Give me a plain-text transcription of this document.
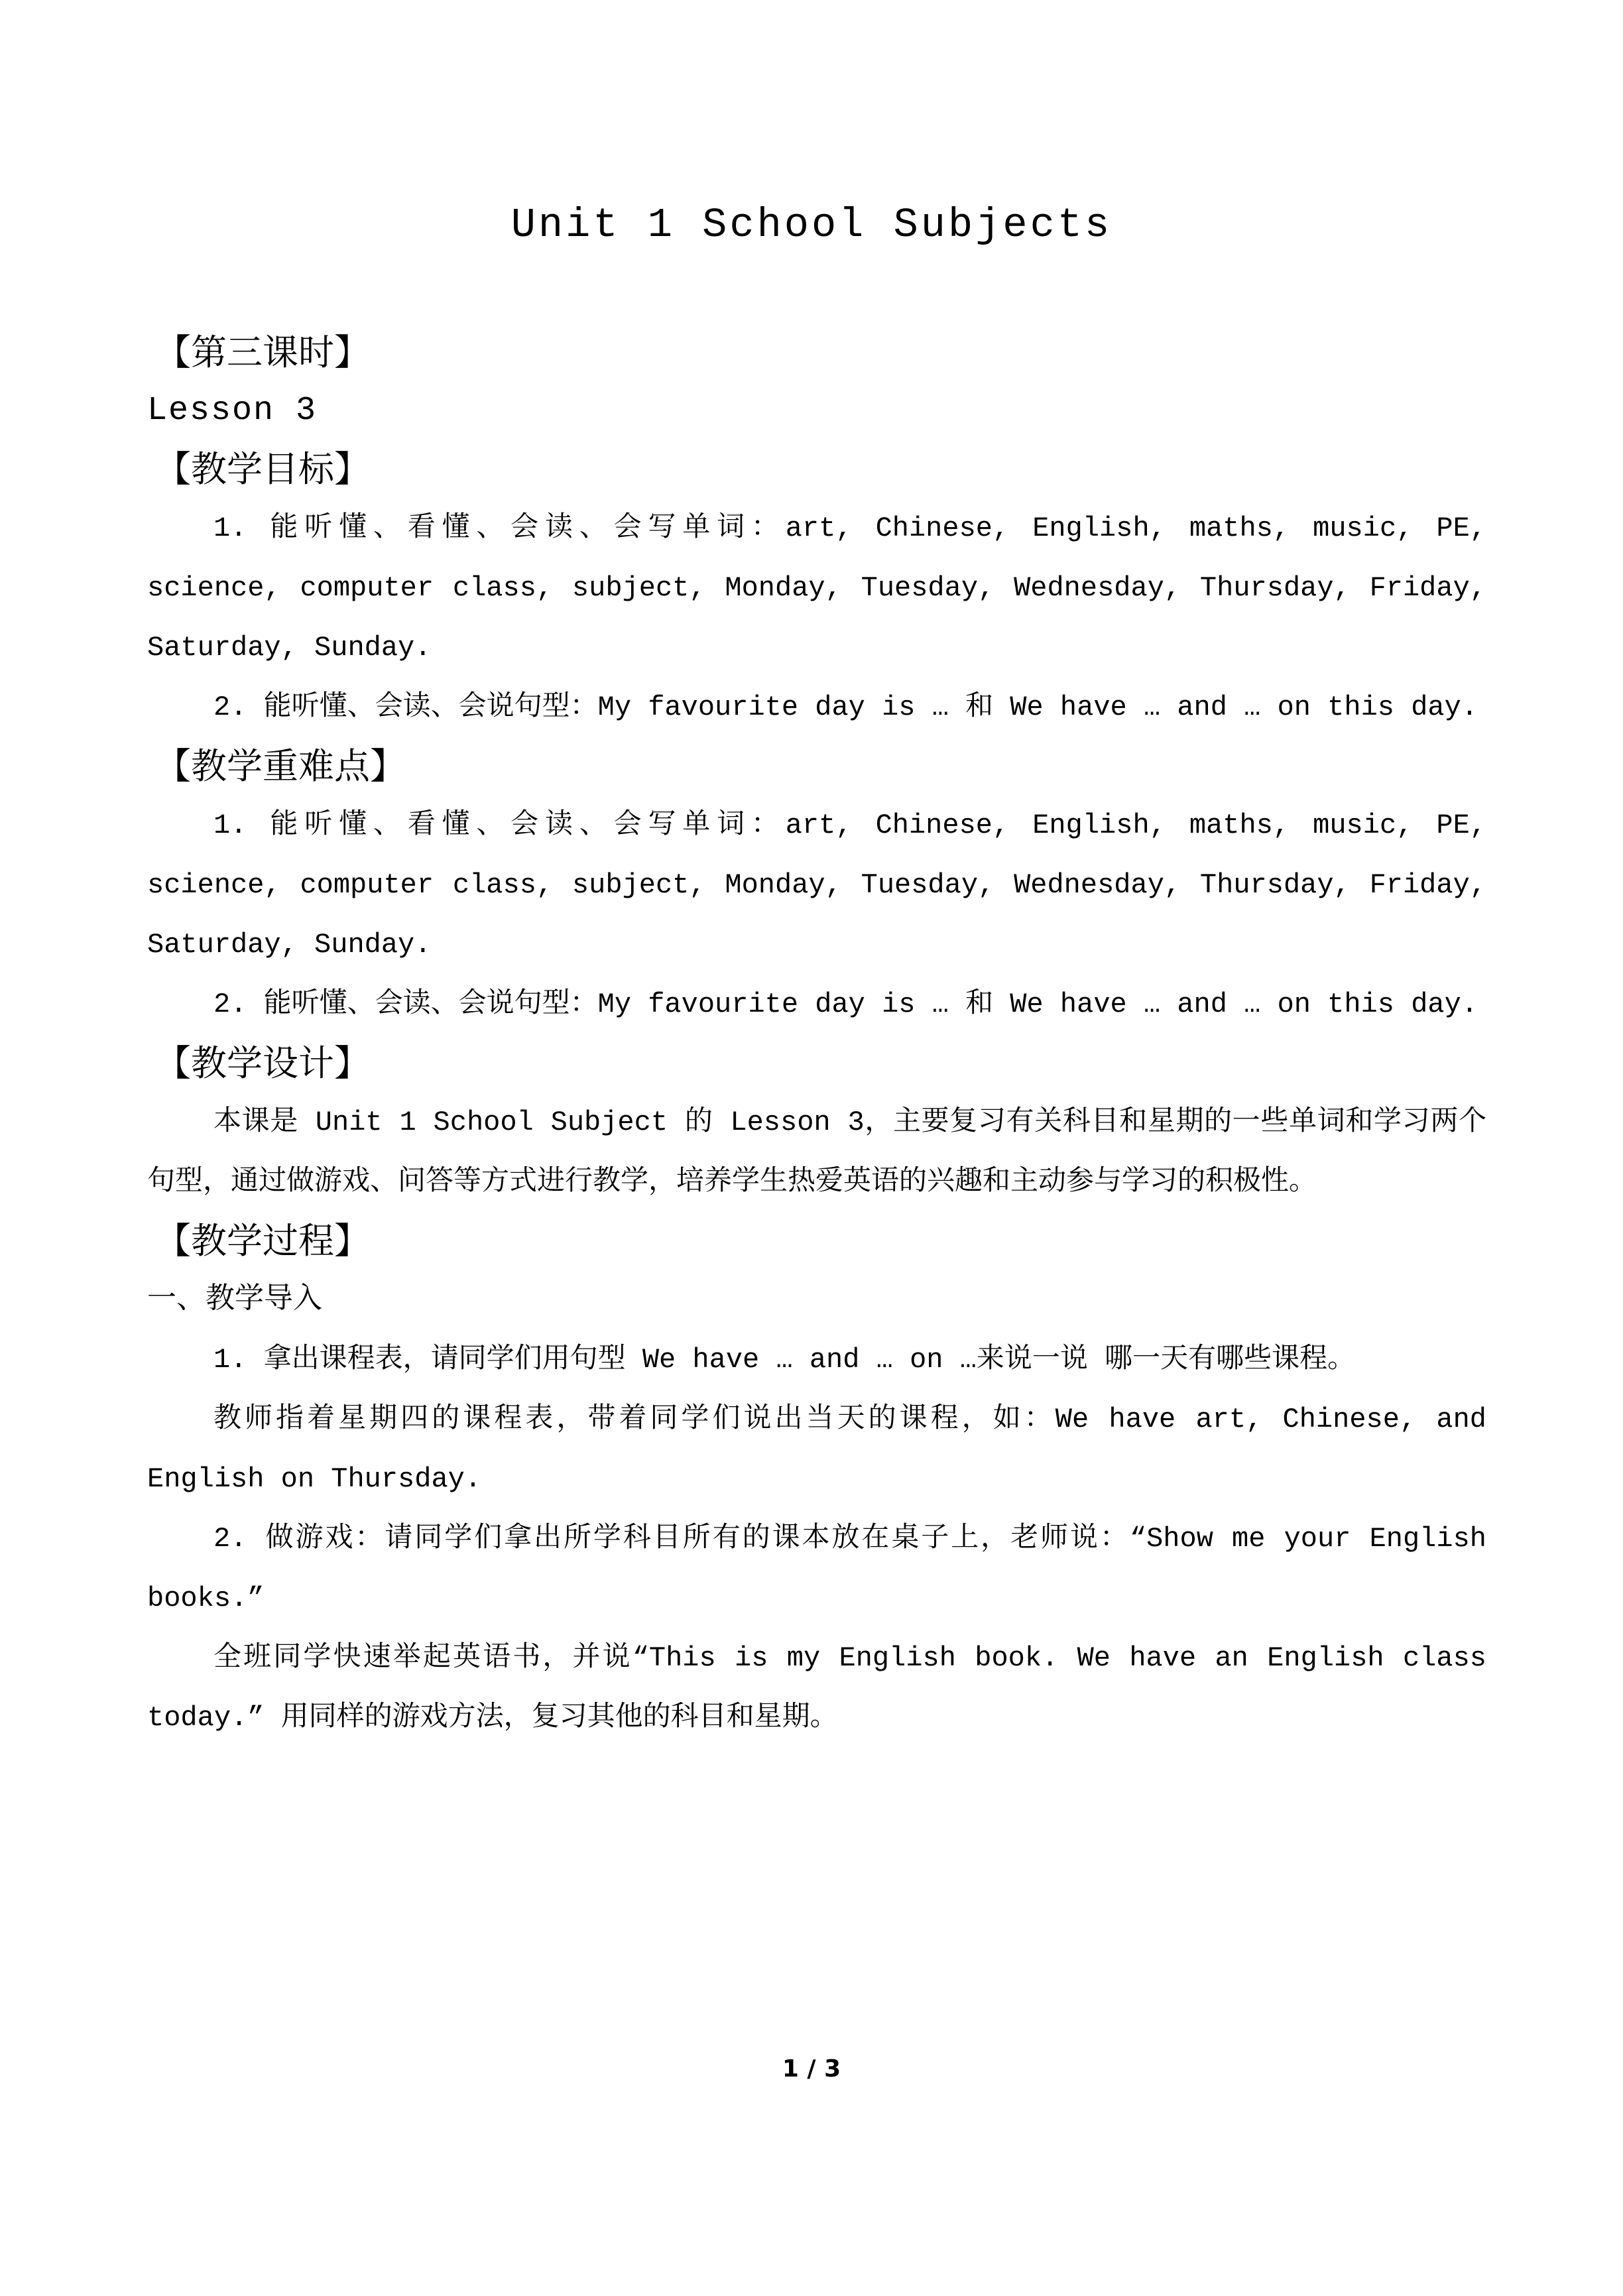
Unit 1 School Subjects
【第三课时】
Lesson 3
【教学目标】
1. 能听懂、看懂、会读、会写单词：art, Chinese, English, maths, music, PE, science, computer class, subject, Monday, Tuesday, Wednesday, Thursday, Friday, Saturday, Sunday.
2. 能听懂、会读、会说句型：My favourite day is … 和 We have … and … on this day.
【教学重难点】
1. 能听懂、看懂、会读、会写单词：art, Chinese, English, maths, music, PE, science, computer class, subject, Monday, Tuesday, Wednesday, Thursday, Friday, Saturday, Sunday.
2. 能听懂、会读、会说句型：My favourite day is … 和 We have … and … on this day.
【教学设计】
本课是 Unit 1 School Subject 的 Lesson 3，主要复习有关科目和星期的一些单词和学习两个句型，通过做游戏、问答等方式进行教学，培养学生热爱英语的兴趣和主动参与学习的积极性。
【教学过程】
一、教学导入
1. 拿出课程表，请同学们用句型 We have … and … on …来说一说 哪一天有哪些课程。
教师指着星期四的课程表，带着同学们说出当天的课程，如：We have art, Chinese, and English on Thursday.
2. 做游戏：请同学们拿出所学科目所有的课本放在桌子上，老师说：“Show me your English books.”
全班同学快速举起英语书，并说“This is my English book. We have an English class today.” 用同样的游戏方法，复习其他的科目和星期。
1 / 3
